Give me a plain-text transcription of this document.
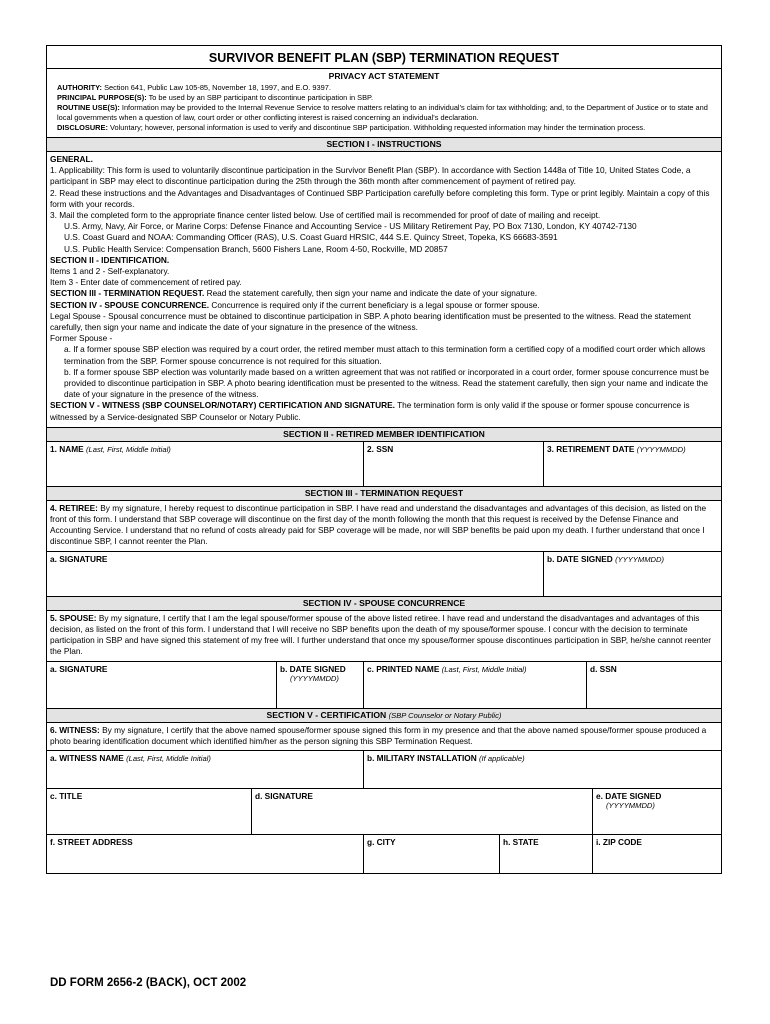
SURVIVOR BENEFIT PLAN (SBP) TERMINATION REQUEST
PRIVACY ACT STATEMENT
AUTHORITY: Section 641, Public Law 105-85, November 18, 1997, and E.O. 9397.
PRINCIPAL PURPOSE(S): To be used by an SBP participant to discontinue participation in SBP.
ROUTINE USE(S): Information may be provided to the Internal Revenue Service to resolve matters relating to an individual's claim for tax withholding; and, to the Department of Justice or to state and local governments when a question of law, court order or other conflicting interest is raised concerning an individual's declaration.
DISCLOSURE: Voluntary; however, personal information is used to verify and discontinue SBP participation. Withholding requested information may hinder the termination process.
SECTION I - INSTRUCTIONS

GENERAL.

1. Applicability: This form is used to voluntarily discontinue participation in the Survivor Benefit Plan (SBP). In accordance with Section 1448a of Title 10, United States Code, a participant in SBP may elect to discontinue participation during the 25th through the 36th month after commencement of payment of retired pay.

2. Read these instructions and the Advantages and Disadvantages of Continued SBP Participation carefully before completing this form. Type or print legibly. Maintain a copy of this form with your records.

3. Mail the completed form to the appropriate finance center listed below. Use of certified mail is recommended for proof of date of mailing and receipt.

U.S. Army, Navy, Air Force, or Marine Corps: Defense Finance and Accounting Service - US Military Retirement Pay, PO Box 7130, London, KY 40742-7130

U.S. Coast Guard and NOAA: Commanding Officer (RAS), U.S. Coast Guard HRSIC, 444 S.E. Quincy Street, Topeka, KS 66683-3591

U.S. Public Health Service: Compensation Branch, 5600 Fishers Lane, Room 4-50, Rockville, MD 20857

SECTION II - IDENTIFICATION.

Items 1 and 2 - Self-explanatory.

Item 3 - Enter date of commencement of retired pay.

SECTION III - TERMINATION REQUEST. Read the statement carefully, then sign your name and indicate the date of your signature.

SECTION IV - SPOUSE CONCURRENCE. Concurrence is required only if the current beneficiary is a legal spouse or former spouse.

Legal Spouse - Spousal concurrence must be obtained to discontinue participation in SBP. A photo bearing identification must be presented to the witness. Read the statement carefully, then sign your name and indicate the date of your signature in the presence of the witness.

Former Spouse -

a. If a former spouse SBP election was required by a court order, the retired member must attach to this termination form a certified copy of a modified court order which allows termination from the SBP. Former spouse concurrence is not required for this situation.

b. If a former spouse SBP election was voluntarily made based on a written agreement that was not ratified or incorporated in a court order, former spouse concurrence must be provided to discontinue participation in SBP. A photo bearing identification must be presented to the witness. Read the statement carefully, then sign your name and indicate the date of your signature in the presence of the witness.

SECTION V - WITNESS (SBP COUNSELOR/NOTARY) CERTIFICATION AND SIGNATURE. The termination form is only valid if the spouse or former spouse concurrence is witnessed by a Service-designated SBP Counselor or Notary Public.

SECTION II - RETIRED MEMBER IDENTIFICATION
1. NAME (Last, First, Middle Initial)	2. SSN	3. RETIREMENT DATE (YYYYMMDD)
SECTION III - TERMINATION REQUEST
4. RETIREE: By my signature, I hereby request to discontinue participation in SBP. I have read and understand the disadvantages and advantages of this decision, as listed on the front of this form. I understand that SBP coverage will discontinue on the first day of the month following the month that this request is received by the Defense Finance and Accounting Service. I understand that no refund of costs already paid for SBP coverage will be made, nor will SBP benefits be paid upon my death. I further understand that once I discontinue SBP, I cannot reenter the Plan.
a. SIGNATURE	b. DATE SIGNED (YYYYMMDD)
SECTION IV - SPOUSE CONCURRENCE
5. SPOUSE: By my signature, I certify that I am the legal spouse/former spouse of the above listed retiree. I have read and understand the disadvantages and advantages of this decision, as listed on the front of this form. I understand that I will receive no SBP benefits upon the death of my spouse/former spouse. I concur with the decision to terminate participation in SBP and have signed this statement of my free will. I further understand that once my spouse/former spouse discontinues participation in SBP, he/she cannot reenter the Plan.
a. SIGNATURE	b. DATE SIGNED
(YYYYMMDD)
c. PRINTED NAME (Last, First, Middle Initial)	d. SSN
SECTION V - CERTIFICATION (SBP Counselor or Notary Public)
6. WITNESS: By my signature, I certify that the above named spouse/former spouse signed this form in my presence and that the above named spouse/former spouse produced a photo bearing identification document which identified him/her as the person signing this SBP Termination Request.
a. WITNESS NAME (Last, First, Middle Initial)	b. MILITARY INSTALLATION (If applicable)
c. TITLE	d. SIGNATURE	e. DATE SIGNED
(YYYYMMDD)
f. STREET ADDRESS	g. CITY	h. STATE	i. ZIP CODE
DD FORM 2656-2 (BACK), OCT 2002
